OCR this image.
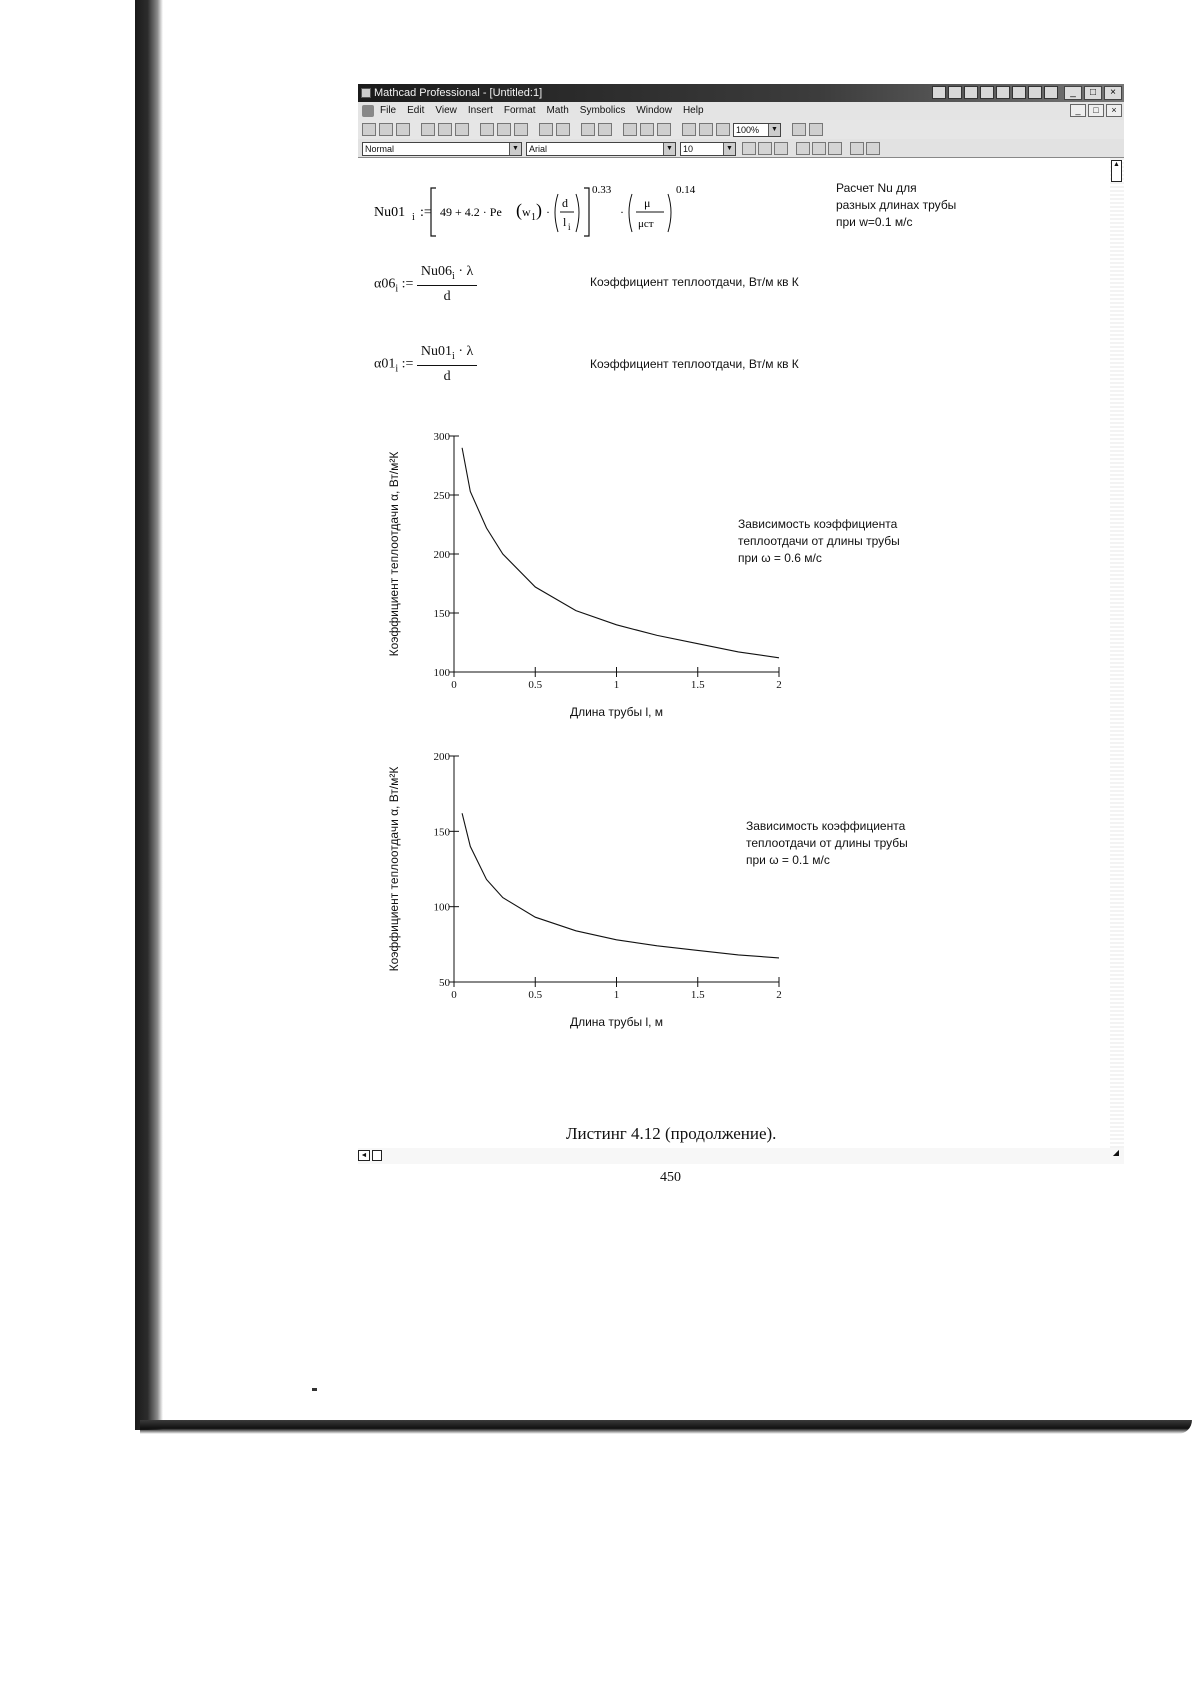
Mathcad Professional - [Untitled:1]	_	□	×
File Edit View Insert Format Math Symbolics Window Help	_	□	×
100%	▼
Normal	▼	Arial	▼	10	▼
Nu01 i := 49 + 4.2 · Pe ( w 1 ) ·
d
l i
0.33
·
μ
μст
0.14	Расчет Nu для
разных длинах трубы
при w=0.1 м/с
$\alpha 06_i$ := $\frac{Nu06_i \cdot \lambda}{d}$	Коэффициент теплоотдачи, Вт/м кв К
$\alpha 01_i$ := $\frac{Nu01_i \cdot \lambda}{d}$	Коэффициент теплоотдачи, Вт/м кв К
100
150
200
250
300
0	0.5	1	1.5	2
Длина трубы l, м
Коэффициент теплоотдачи α, Вт/м²К	Зависимость коэффициента
теплоотдачи от длины трубы
при ω = 0.6 м/с
50
100
150
200
0	0.5	1	1.5	2
Длина трубы l, м
Коэффициент теплоотдачи α, Вт/м²К	Зависимость коэффициента
теплоотдачи от длины трубы
при ω = 0.1 м/с
▲
◄	◢
Листинг 4.12 (продолжение).
450
